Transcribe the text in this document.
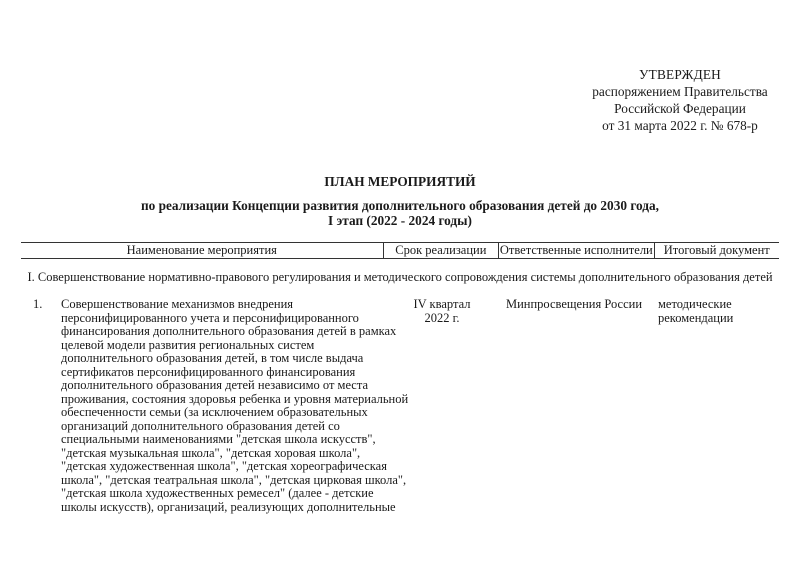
УТВЕРЖДЕН
распоряжением Правительства
Российской Федерации
от 31 марта 2022 г. № 678-р
ПЛАН МЕРОПРИЯТИЙ
по реализации Концепции развития дополнительного образования детей до 2030 года,
I этап (2022 - 2024 годы)
Наименование мероприятия	Срок реализации	Ответственные исполнители Итоговый документ
I. Совершенствование нормативно-правового регулирования и методического сопровождения системы дополнительного образования детей
1. Совершенствование механизмов внедрения
персонифицированного учета и персонифицированного
финансирования дополнительного образования детей в рамках
целевой модели развития региональных систем
дополнительного образования детей, в том числе выдача
сертификатов персонифицированного финансирования
дополнительного образования детей независимо от места
проживания, состояния здоровья ребенка и уровня материальной
обеспеченности семьи (за исключением образовательных
организаций дополнительного образования детей со
специальными наименованиями "детская школа искусств",
"детская музыкальная школа", "детская хоровая школа",
"детская художественная школа", "детская хореографическая
школа", "детская театральная школа", "детская цирковая школа",
"детская школа художественных ремесел" (далее - детские
школы искусств), организаций, реализующих дополнительные
IV квартал
2022 г.
Минпросвещения России методические
рекомендации
